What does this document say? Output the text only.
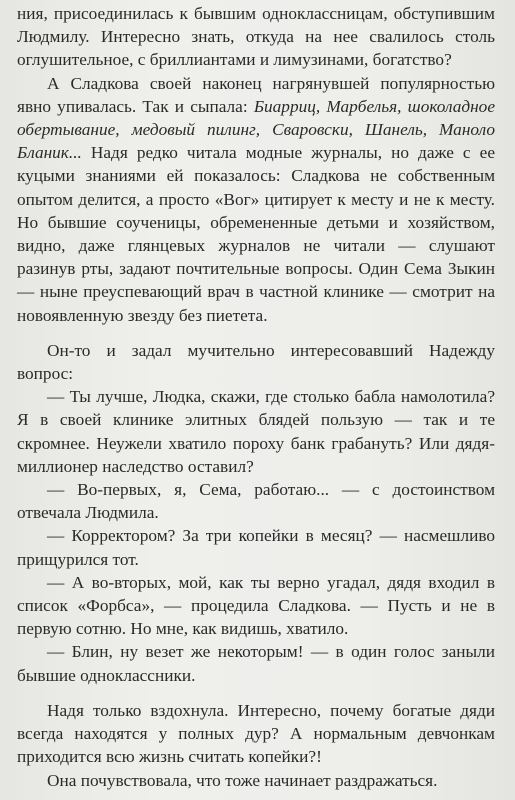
ния, присоединилась к бывшим одноклассницам, обступившим Людмилу. Интересно знать, откуда на нее свалилось столь оглушительное, с бриллиантами и лимузинами, богатство?
А Сладкова своей наконец нагрянувшей популярностью явно упивалась. Так и сыпала: Биарриц, Марбелья, шоколадное обертывание, медовый пилинг, Сваровски, Шанель, Маноло Бланик... Надя редко читала модные журналы, но даже с ее куцыми знаниями ей показалось: Сладкова не собственным опытом делится, а просто «Вог» цитирует к месту и не к месту. Но бывшие соученицы, обремененные детьми и хозяйством, видно, даже глянцевых журналов не читали — слушают разинув рты, задают почтительные вопросы. Один Сема Зыкин — ныне преуспевающий врач в частной клинике — смотрит на новоявленную звезду без пиетета.
Он-то и задал мучительно интересовавший Надежду вопрос:
— Ты лучше, Людка, скажи, где столько бабла намолотила? Я в своей клинике элитных блядей пользую — так и те скромнее. Неужели хватило пороху банк грабануть? Или дядя-миллионер наследство оставил?
— Во-первых, я, Сема, работаю... — с достоинством отвечала Людмила.
— Корректором? За три копейки в месяц? — насмешливо прищурился тот.
— А во-вторых, мой, как ты верно угадал, дядя входил в список «Форбса», — процедила Сладкова. — Пусть и не в первую сотню. Но мне, как видишь, хватило.
— Блин, ну везет же некоторым! — в один голос заныли бывшие одноклассники.
Надя только вздохнула. Интересно, почему богатые дяди всегда находятся у полных дур? А нормальным девчонкам приходится всю жизнь считать копейки?!
Она почувствовала, что тоже начинает раздражаться.
